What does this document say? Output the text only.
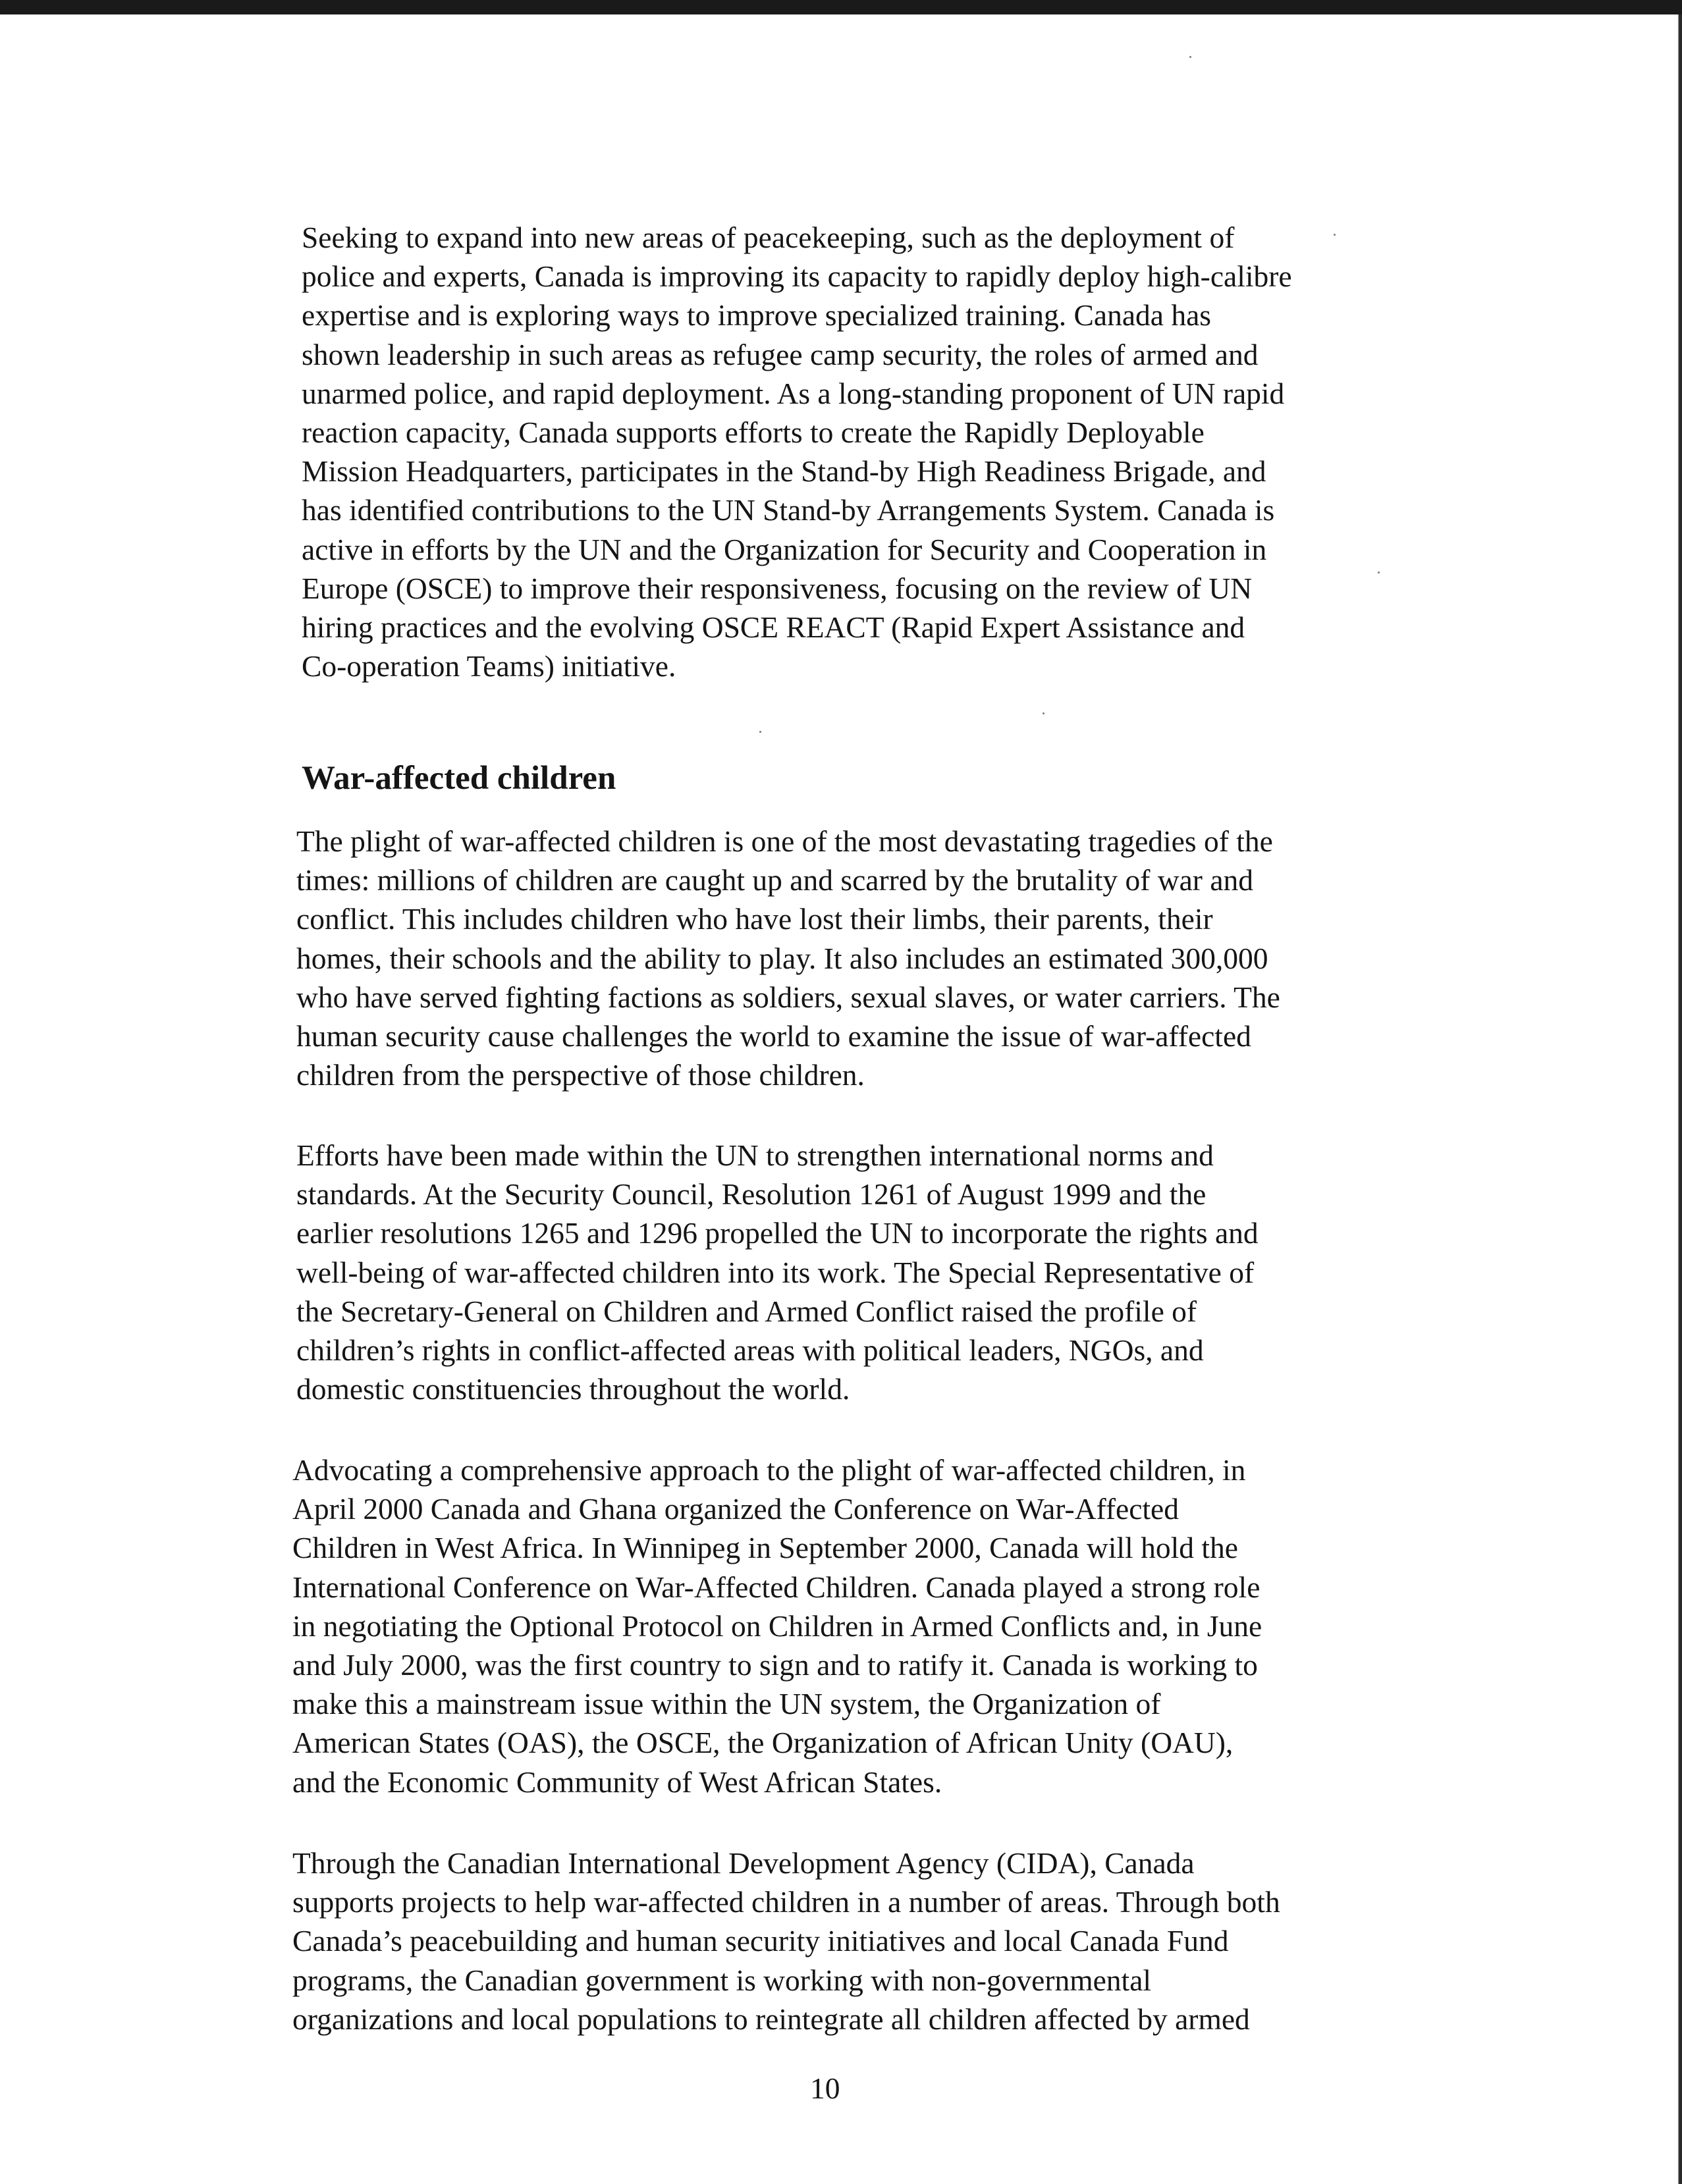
Seeking to expand into new areas of peacekeeping, such as the deployment of
police and experts, Canada is improving its capacity to rapidly deploy high-calibre
expertise and is exploring ways to improve specialized training. Canada has
shown leadership in such areas as refugee camp security, the roles of armed and
unarmed police, and rapid deployment. As a long-standing proponent of UN rapid
reaction capacity, Canada supports efforts to create the Rapidly Deployable
Mission Headquarters, participates in the Stand-by High Readiness Brigade, and
has identified contributions to the UN Stand-by Arrangements System. Canada is
active in efforts by the UN and the Organization for Security and Cooperation in
Europe (OSCE) to improve their responsiveness, focusing on the review of UN
hiring practices and the evolving OSCE REACT (Rapid Expert Assistance and
Co-operation Teams) initiative.
War-affected children
The plight of war-affected children is one of the most devastating tragedies of the
times: millions of children are caught up and scarred by the brutality of war and
conflict. This includes children who have lost their limbs, their parents, their
homes, their schools and the ability to play. It also includes an estimated 300,000
who have served fighting factions as soldiers, sexual slaves, or water carriers. The
human security cause challenges the world to examine the issue of war-affected
children from the perspective of those children.
Efforts have been made within the UN to strengthen international norms and
standards. At the Security Council, Resolution 1261 of August 1999 and the
earlier resolutions 1265 and 1296 propelled the UN to incorporate the rights and
well-being of war-affected children into its work. The Special Representative of
the Secretary-General on Children and Armed Conflict raised the profile of
children’s rights in conflict-affected areas with political leaders, NGOs, and
domestic constituencies throughout the world.
Advocating a comprehensive approach to the plight of war-affected children, in
April 2000 Canada and Ghana organized the Conference on War-Affected
Children in West Africa. In Winnipeg in September 2000, Canada will hold the
International Conference on War-Affected Children. Canada played a strong role
in negotiating the Optional Protocol on Children in Armed Conflicts and, in June
and July 2000, was the first country to sign and to ratify it. Canada is working to
make this a mainstream issue within the UN system, the Organization of
American States (OAS), the OSCE, the Organization of African Unity (OAU),
and the Economic Community of West African States.
Through the Canadian International Development Agency (CIDA), Canada
supports projects to help war-affected children in a number of areas. Through both
Canada’s peacebuilding and human security initiatives and local Canada Fund
programs, the Canadian government is working with non-governmental
organizations and local populations to reintegrate all children affected by armed
10
